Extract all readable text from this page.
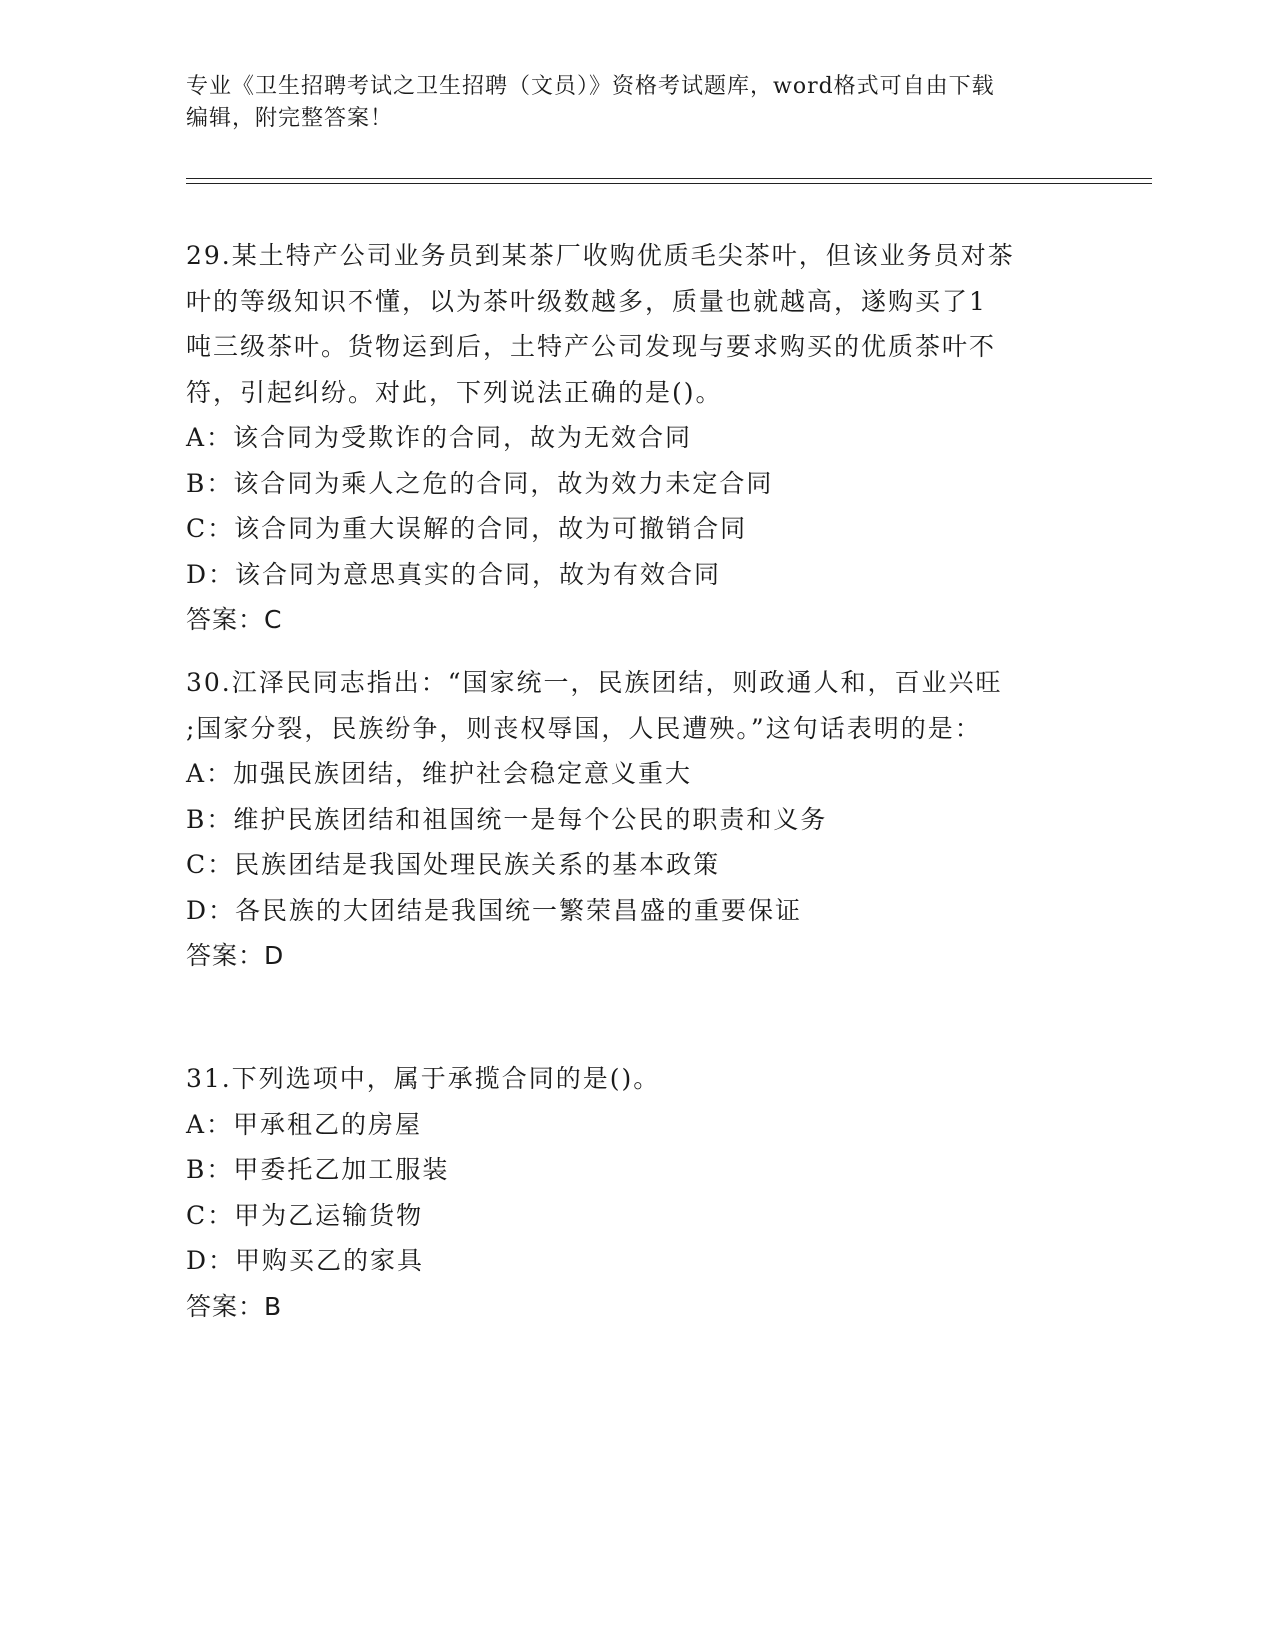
专业《卫生招聘考试之卫生招聘（文员）》资格考试题库，word格式可自由下载
编辑，附完整答案！
29.某土特产公司业务员到某茶厂收购优质毛尖茶叶，但该业务员对茶
叶的等级知识不懂，以为茶叶级数越多，质量也就越高，遂购买了1
吨三级茶叶。货物运到后，土特产公司发现与要求购买的优质茶叶不
符，引起纠纷。对此，下列说法正确的是()。
A：该合同为受欺诈的合同，故为无效合同
B：该合同为乘人之危的合同，故为效力未定合同
C：该合同为重大误解的合同，故为可撤销合同
D：该合同为意思真实的合同，故为有效合同
答案：C
30.江泽民同志指出：“国家统一，民族团结，则政通人和，百业兴旺
;国家分裂，民族纷争，则丧权辱国，人民遭殃。”这句话表明的是：
A：加强民族团结，维护社会稳定意义重大
B：维护民族团结和祖国统一是每个公民的职责和义务
C：民族团结是我国处理民族关系的基本政策
D：各民族的大团结是我国统一繁荣昌盛的重要保证
答案：D
31.下列选项中，属于承揽合同的是()。
A：甲承租乙的房屋
B：甲委托乙加工服装
C：甲为乙运输货物
D：甲购买乙的家具
答案：B
